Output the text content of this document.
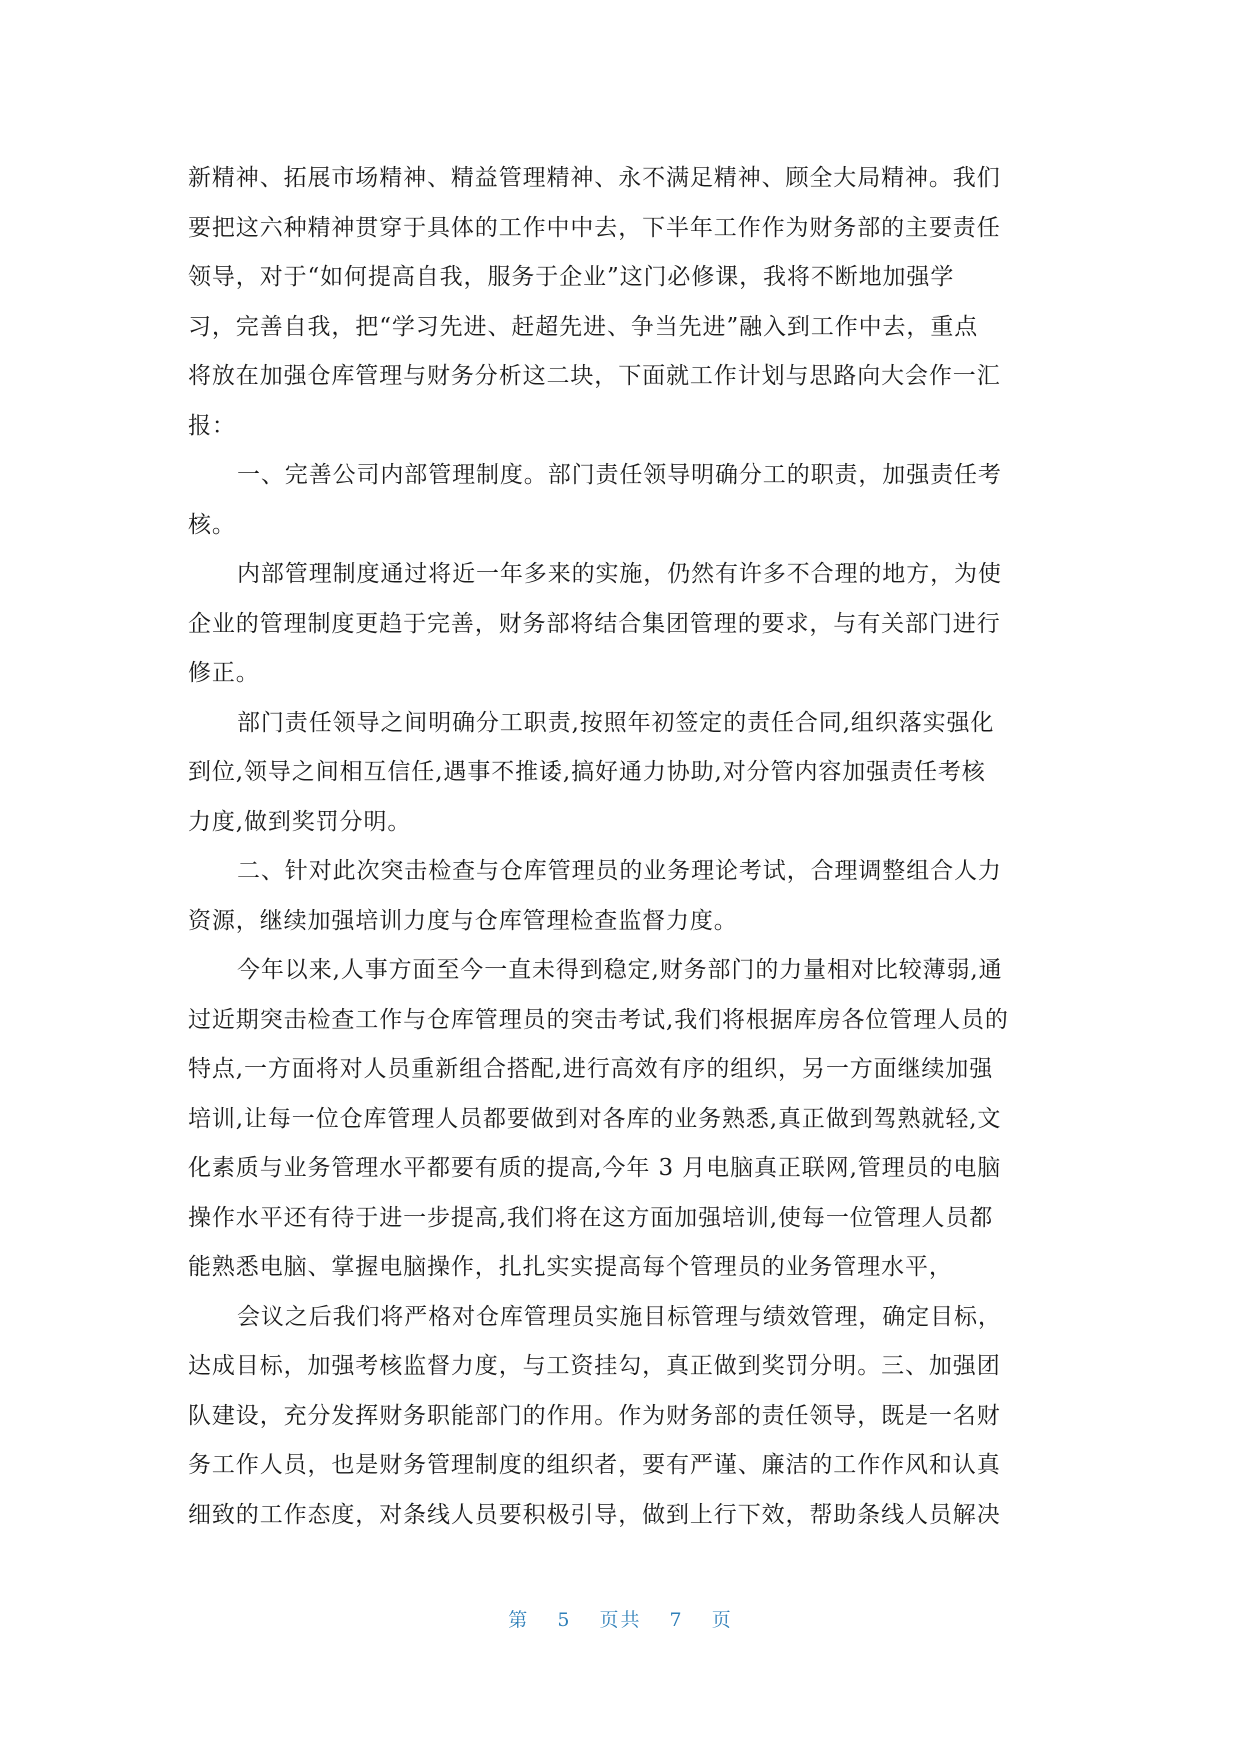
新精神、拓展市场精神、精益管理精神、永不满足精神、顾全大局精神。我们
要把这六种精神贯穿于具体的工作中中去，下半年工作作为财务部的主要责任
领导，对于“如何提高自我，服务于企业”这门必修课，我将不断地加强学
习，完善自我，把“学习先进、赶超先进、争当先进”融入到工作中去，重点
将放在加强仓库管理与财务分析这二块，下面就工作计划与思路向大会作一汇
报：
一、完善公司内部管理制度。部门责任领导明确分工的职责，加强责任考
核。
内部管理制度通过将近一年多来的实施，仍然有许多不合理的地方，为使
企业的管理制度更趋于完善，财务部将结合集团管理的要求，与有关部门进行
修正。
部门责任领导之间明确分工职责,按照年初签定的责任合同,组织落实强化
到位,领导之间相互信任,遇事不推诿,搞好通力协助,对分管内容加强责任考核
力度,做到奖罚分明。
二、针对此次突击检查与仓库管理员的业务理论考试，合理调整组合人力
资源，继续加强培训力度与仓库管理检查监督力度。
今年以来,人事方面至今一直未得到稳定,财务部门的力量相对比较薄弱,通
过近期突击检查工作与仓库管理员的突击考试,我们将根据库房各位管理人员的
特点,一方面将对人员重新组合搭配,进行高效有序的组织，另一方面继续加强
培训,让每一位仓库管理人员都要做到对各库的业务熟悉,真正做到驾熟就轻,文
化素质与业务管理水平都要有质的提高,今年 3 月电脑真正联网,管理员的电脑
操作水平还有待于进一步提高,我们将在这方面加强培训,使每一位管理人员都
能熟悉电脑、掌握电脑操作，扎扎实实提高每个管理员的业务管理水平，
会议之后我们将严格对仓库管理员实施目标管理与绩效管理，确定目标，
达成目标，加强考核监督力度，与工资挂勾，真正做到奖罚分明。三、加强团
队建设，充分发挥财务职能部门的作用。作为财务部的责任领导，既是一名财
务工作人员，也是财务管理制度的组织者，要有严谨、廉洁的工作作风和认真
细致的工作态度，对条线人员要积极引导，做到上行下效，帮助条线人员解决
第 5 页共 7 页
